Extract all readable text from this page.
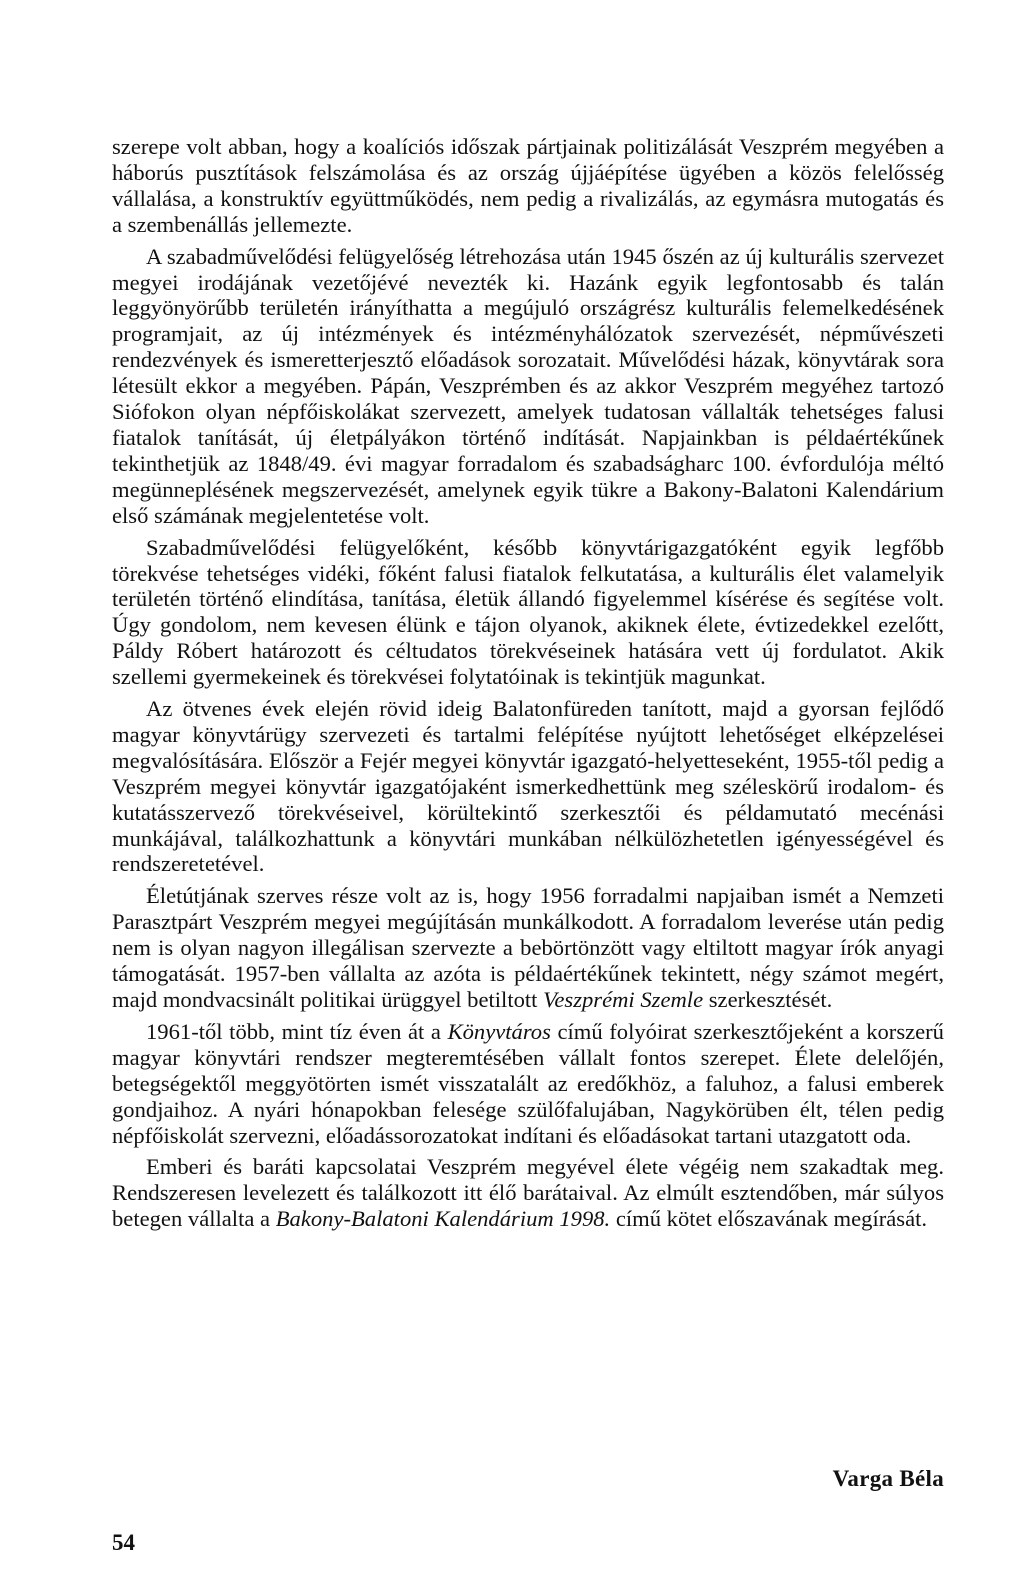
szerepe volt abban, hogy a koalíciós időszak pártjainak politizálását Veszprém megyében a háborús pusztítások felszámolása és az ország újjáépítése ügyében a közös felelősség vállalása, a konstruktív együttműködés, nem pedig a rivalizálás, az egymásra mutogatás és a szembenállás jellemezte.

A szabadművelődési felügyelőség létrehozása után 1945 őszén az új kulturális szervezet megyei irodájának vezetőjévé nevezték ki. Hazánk egyik legfontosabb és talán leggyönyörűbb területén irányíthatta a megújuló országrész kulturális felemelkedésének programjait, az új intézmények és intézményhálózatok szervezését, népművészeti rendezvények és ismeretterjesztő előadások sorozatait. Művelődési házak, könyvtárak sora létesült ekkor a megyében. Pápán, Veszprémben és az akkor Veszprém megyéhez tartozó Siófokon olyan népfőiskolákat szervezett, amelyek tudatosan vállalták tehetséges falusi fiatalok tanítását, új életpályákon történő indítását. Napjainkban is példaértékűnek tekinthetjük az 1848/49. évi magyar forradalom és szabadságharc 100. évfordulója méltó megünneplésének megszervezését, amelynek egyik tükre a Bakony-Balatoni Kalendárium első számának megjelentetése volt.

Szabadművelődési felügyelőként, később könyvtárigazgatóként egyik legfőbb törekvése tehetséges vidéki, főként falusi fiatalok felkutatása, a kulturális élet valamelyik területén történő elindítása, tanítása, életük állandó figyelemmel kísérése és segítése volt. Úgy gondolom, nem kevesen élünk e tájon olyanok, akiknek élete, évtizedekkel ezelőtt, Páldy Róbert határozott és céltudatos törekvéseinek hatására vett új fordulatot. Akik szellemi gyermekeinek és törekvései folytatóinak is tekintjük magunkat.

Az ötvenes évek elején rövid ideig Balatonfüreden tanított, majd a gyorsan fejlődő magyar könyvtárügy szervezeti és tartalmi felépítése nyújtott lehetőséget elképzelései megvalósítására. Először a Fejér megyei könyvtár igazgató-helyetteseként, 1955-től pedig a Veszprém megyei könyvtár igazgatójaként ismerkedhettünk meg széleskörű irodalom- és kutatásszervező törekvéseivel, körültekintő szerkesztői és példamutató mecénási munkájával, találkozhattunk a könyvtári munkában nélkülözhetetlen igényességével és rendszeretetével.

Életútjának szerves része volt az is, hogy 1956 forradalmi napjaiban ismét a Nemzeti Parasztpárt Veszprém megyei megújításán munkálkodott. A forradalom leverése után pedig nem is olyan nagyon illegálisan szervezte a bebörtönzött vagy eltiltott magyar írók anyagi támogatását. 1957-ben vállalta az azóta is példaértékűnek tekintett, négy számot megért, majd mondvacsinált politikai ürüggyel betiltott Veszprémi Szemle szerkesztését.

1961-től több, mint tíz éven át a Könyvtáros című folyóirat szerkesztőjeként a korszerű magyar könyvtári rendszer megteremtésében vállalt fontos szerepet. Élete delelőjén, betegségektől meggyötörten ismét visszatalált az eredőkhöz, a faluhoz, a falusi emberek gondjaihoz. A nyári hónapokban felesége szülőfalujában, Nagykörüben élt, télen pedig népfőiskolát szervezni, előadássorozatokat indítani és előadásokat tartani utazgatott oda.

Emberi és baráti kapcsolatai Veszprém megyével élete végéig nem szakadtak meg. Rendszeresen levelezett és találkozott itt élő barátaival. Az elmúlt esztendőben, már súlyos betegen vállalta a Bakony-Balatoni Kalendárium 1998. című kötet előszavának megírását.

Varga Béla
54
